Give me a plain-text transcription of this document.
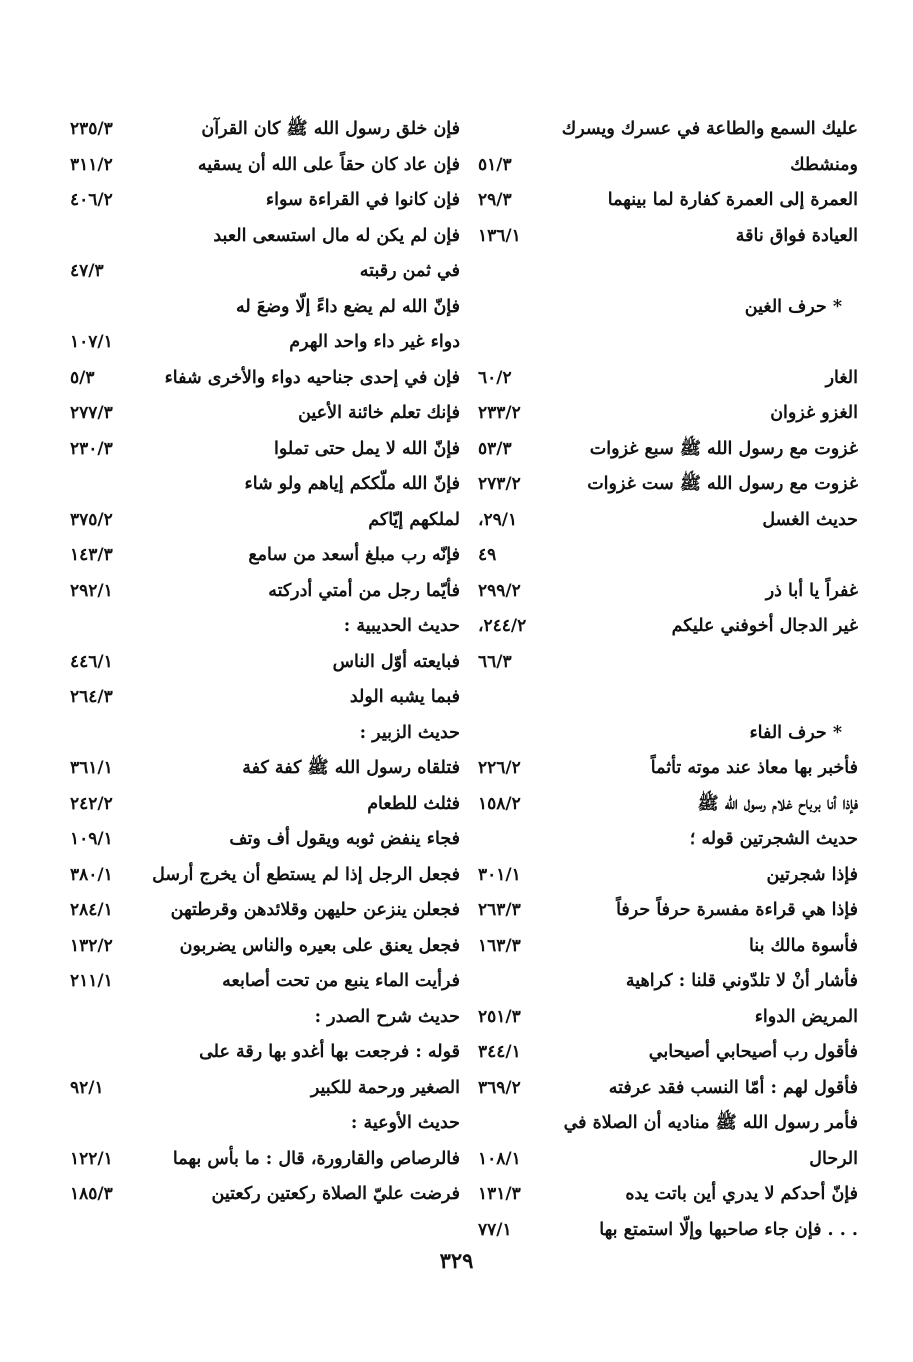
عليك السمع والطاعة في عسرك ويسرك
ومنشطك
٥١/٣
العمرة إلى العمرة كفارة لما بينهما
٢٩/٣
العيادة فواق ناقة
١٣٦/١
* حرف الغين
الغار
٦٠/٢
الغزو غزوان
٢٣٣/٢
غزوت مع رسول الله ﷺ سبع غزوات
٥٣/٣
غزوت مع رسول الله ﷺ ست غزوات
٢٧٣/٢
حديث الغسل
٢٩/١،
٤٩
غفراً يا أبا ذر
٢٩٩/٢
غير الدجال أخوفني عليكم
٢٤٤/٢،
٦٦/٣
* حرف الفاء
فأخبر بها معاذ عند موته تأثماً
٢٢٦/٢
فإذا أنا برباح غلام رسول الله ﷺ
١٥٨/٢
حديث الشجرتين قوله ؛
فإذا شجرتين
٣٠١/١
فإذا هي قراءة مفسرة حرفاً حرفاً
٢٦٣/٣
فأسوة مالك بنا
١٦٣/٣
فأشار أنْ لا تلدّوني قلنا : كراهية
المريض الدواء
٢٥١/٣
فأقول رب أصيحابي أصيحابي
٣٤٤/١
فأقول لهم : أمّا النسب فقد عرفته
٣٦٩/٢
فأمر رسول الله ﷺ مناديه أن الصلاة في
الرحال
١٠٨/١
فإنّ أحدكم لا يدري أين باتت يده
١٣١/٣
. . . فإن جاء صاحبها وإلّا استمتع بها
٧٧/١
فإن خلق رسول الله ﷺ كان القرآن
٢٣٥/٣
فإن عاد كان حقاً على الله أن يسقيه
٣١١/٢
فإن كانوا في القراءة سواء
٤٠٦/٢
فإن لم يكن له مال استسعى العبد
في ثمن رقبته
٤٧/٣
فإنّ الله لم يضع داءً إلّا وضعَ له
دواء غير داء واحد الهرم
١٠٧/١
فإن في إحدى جناحيه دواء والأخرى شفاء
٥/٣
فإنك تعلم خائنة الأعين
٢٧٧/٣
فإنّ الله لا يمل حتى تملوا
٢٣٠/٣
فإنّ الله ملّككم إياهم ولو شاء
لملكهم إيّاكم
٣٧٥/٢
فإنّه رب مبلغ أسعد من سامع
١٤٣/٣
فأيّما رجل من أمتي أدركته
٢٩٢/١
حديث الحديبية :
فبايعته أوّل الناس
٤٤٦/١
فبما يشبه الولد
٢٦٤/٣
حديث الزبير :
فتلقاه رسول الله ﷺ كفة كفة
٣٦١/١
فثلث للطعام
٢٤٢/٢
فجاء ينفض ثوبه ويقول أف وتف
١٠٩/١
فجعل الرجل إذا لم يستطع أن يخرج أرسل
٣٨٠/١
فجعلن ينزعن حليهن وقلائدهن وقرطتهن
٢٨٤/١
فجعل يعنق على بعيره والناس يضربون
١٣٢/٢
فرأيت الماء ينبع من تحت أصابعه
٢١١/١
حديث شرح الصدر :
قوله : فرجعت بها أغدو بها رقة على
الصغير ورحمة للكبير
٩٢/١
حديث الأوعية :
فالرصاص والقارورة، قال : ما بأس بهما
١٢٢/١
فرضت عليّ الصلاة ركعتين ركعتين
١٨٥/٣
٣٢٩
